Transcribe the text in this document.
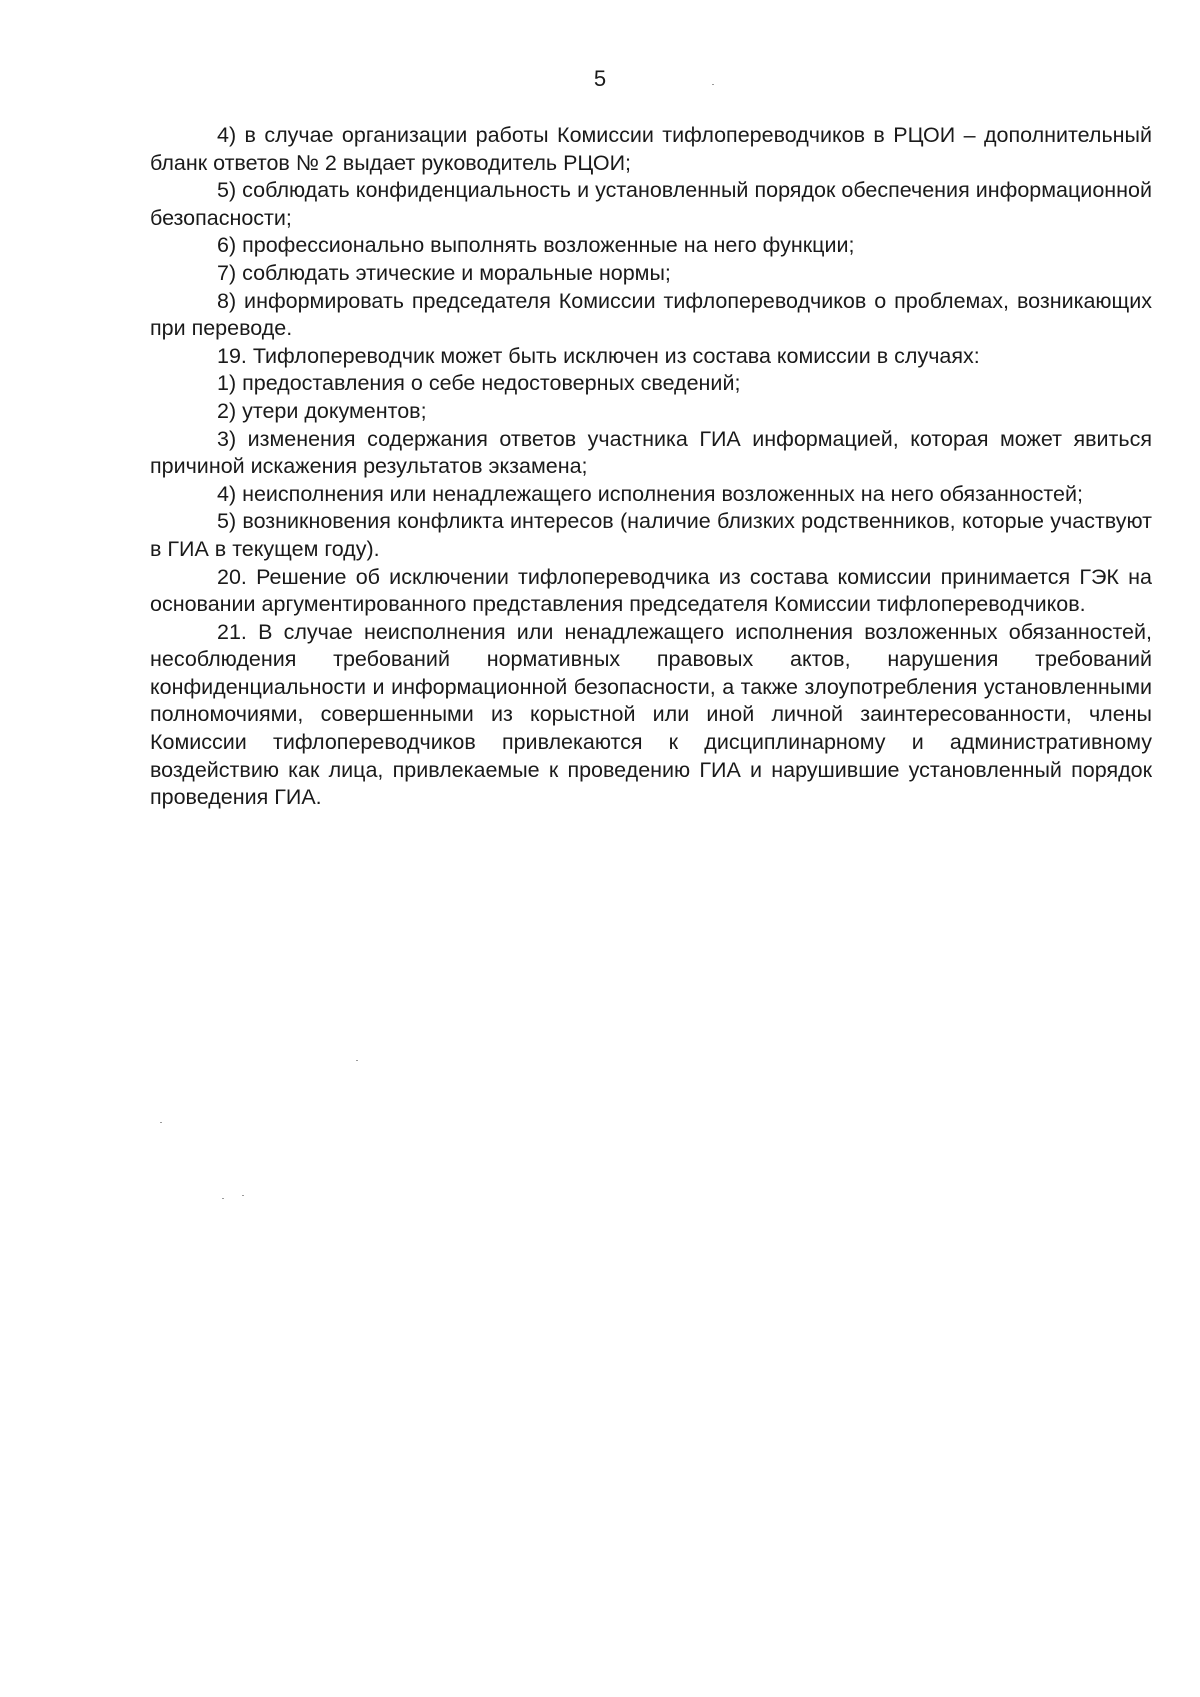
5

4) в случае организации работы Комиссии тифлопереводчиков в РЦОИ – дополнительный бланк ответов № 2 выдает руководитель РЦОИ;

5) соблюдать конфиденциальность и установленный порядок обеспечения информационной безопасности;

6) профессионально выполнять возложенные на него функции;

7) соблюдать этические и моральные нормы;

8) информировать председателя Комиссии тифлопереводчиков о проблемах, возникающих при переводе.

19. Тифлопереводчик может быть исключен из состава комиссии в случаях:

1) предоставления о себе недостоверных сведений;

2) утери документов;

3) изменения содержания ответов участника ГИА информацией, которая может явиться причиной искажения результатов экзамена;

4) неисполнения или ненадлежащего исполнения возложенных на него обязанностей;

5) возникновения конфликта интересов (наличие близких родственников, которые участвуют в ГИА в текущем году).

20. Решение об исключении тифлопереводчика из состава комиссии принимается ГЭК на основании аргументированного представления председателя Комиссии тифлопереводчиков.

21. В случае неисполнения или ненадлежащего исполнения возложенных обязанностей, несоблюдения требований нормативных правовых актов, нарушения требований конфиденциальности и информационной безопасности, а также злоупотребления установленными полномочиями, совершенными из корыстной или иной личной заинтересованности, члены Комиссии тифлопереводчиков привлекаются к дисциплинарному и административному воздействию как лица, привлекаемые к проведению ГИА и нарушившие установленный порядок проведения ГИА.
